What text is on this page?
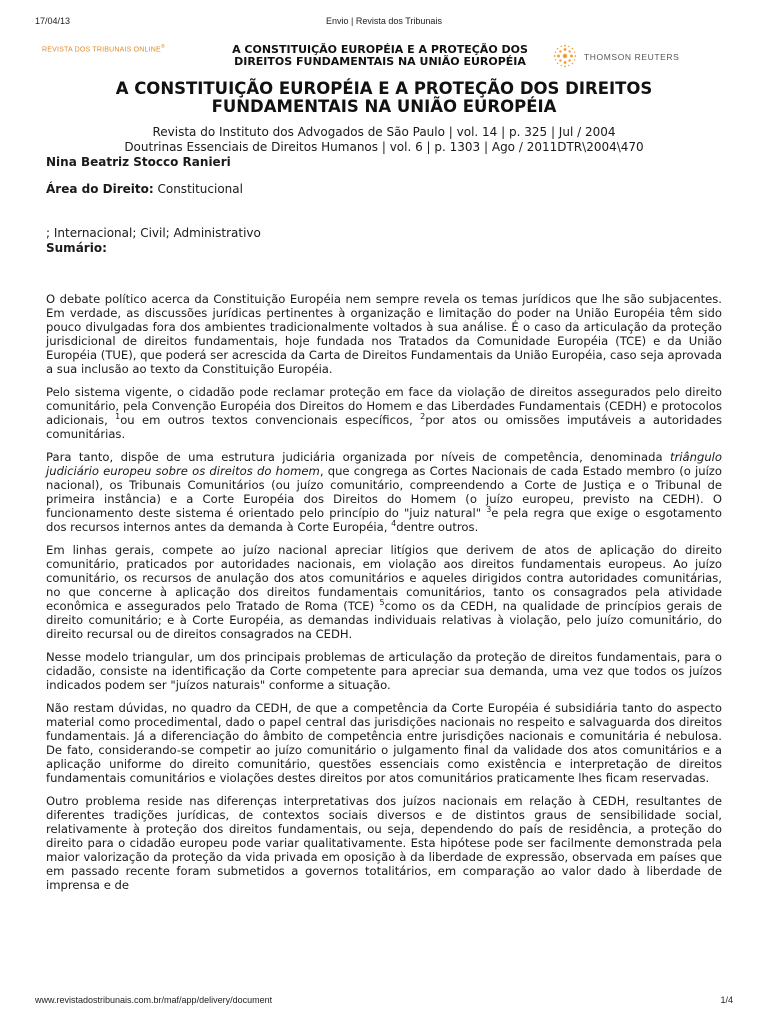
17/04/13	Envio | Revista dos Tribunais
REVISTA DOS TRIBUNAIS ONLINE®	A CONSTITUIÇÃO EUROPÉIA E A PROTEÇÃO DOS
DIREITOS FUNDAMENTAIS NA UNIÃO EUROPÉIA	THOMSON REUTERS
A CONSTITUIÇÃO EUROPÉIA E A PROTEÇÃO DOS DIREITOS
FUNDAMENTAIS NA UNIÃO EUROPÉIA
Revista do Instituto dos Advogados de São Paulo | vol. 14 | p. 325 | Jul / 2004
Doutrinas Essenciais de Direitos Humanos | vol. 6 | p. 1303 | Ago / 2011DTR\2004\470
Nina Beatriz Stocco Ranieri
Área do Direito: Constitucional
; Internacional; Civil; Administrativo
Sumário:

O debate político acerca da Constituição Européia nem sempre revela os temas jurídicos que lhe são subjacentes. Em verdade, as discussões jurídicas pertinentes à organização e limitação do poder na União Européia têm sido pouco divulgadas fora dos ambientes tradicionalmente voltados à sua análise. É o caso da articulação da proteção jurisdicional de direitos fundamentais, hoje fundada nos Tratados da Comunidade Européia (TCE) e da União Européia (TUE), que poderá ser acrescida da Carta de Direitos Fundamentais da União Européia, caso seja aprovada a sua inclusão ao texto da Constituição Européia.

Pelo sistema vigente, o cidadão pode reclamar proteção em face da violação de direitos assegurados pelo direito comunitário, pela Convenção Européia dos Direitos do Homem e das Liberdades Fundamentais (CEDH) e protocolos adicionais, $^1$ou em outros textos convencionais específicos, $^2$por atos ou omissões imputáveis a autoridades comunitárias.

Para tanto, dispõe de uma estrutura judiciária organizada por níveis de competência, denominada triângulo judiciário europeu sobre os direitos do homem, que congrega as Cortes Nacionais de cada Estado membro (o juízo nacional), os Tribunais Comunitários (ou juízo comunitário, compreendendo a Corte de Justiça e o Tribunal de primeira instância) e a Corte Européia dos Direitos do Homem (o juízo europeu, previsto na CEDH). O funcionamento deste sistema é orientado pelo princípio do "juiz natural" $^3$e pela regra que exige o esgotamento dos recursos internos antes da demanda à Corte Européia, $^4$dentre outros.

Em linhas gerais, compete ao juízo nacional apreciar litígios que derivem de atos de aplicação do direito comunitário, praticados por autoridades nacionais, em violação aos direitos fundamentais europeus. Ao juízo comunitário, os recursos de anulação dos atos comunitários e aqueles dirigidos contra autoridades comunitárias, no que concerne à aplicação dos direitos fundamentais comunitários, tanto os consagrados pela atividade econômica e assegurados pelo Tratado de Roma (TCE) $^5$como os da CEDH, na qualidade de princípios gerais de direito comunitário; e à Corte Européia, as demandas individuais relativas à violação, pelo juízo comunitário, do direito recursal ou de direitos consagrados na CEDH.

Nesse modelo triangular, um dos principais problemas de articulação da proteção de direitos fundamentais, para o cidadão, consiste na identificação da Corte competente para apreciar sua demanda, uma vez que todos os juízos indicados podem ser "juízos naturais" conforme a situação.

Não restam dúvidas, no quadro da CEDH, de que a competência da Corte Européia é subsidiária tanto do aspecto material como procedimental, dado o papel central das jurisdições nacionais no respeito e salvaguarda dos direitos fundamentais. Já a diferenciação do âmbito de competência entre jurisdições nacionais e comunitária é nebulosa. De fato, considerando-se competir ao juízo comunitário o julgamento final da validade dos atos comunitários e a aplicação uniforme do direito comunitário, questões essenciais como existência e interpretação de direitos fundamentais comunitários e violações destes direitos por atos comunitários praticamente lhes ficam reservadas.

Outro problema reside nas diferenças interpretativas dos juízos nacionais em relação à CEDH, resultantes de diferentes tradições jurídicas, de contextos sociais diversos e de distintos graus de sensibilidade social, relativamente à proteção dos direitos fundamentais, ou seja, dependendo do país de residência, a proteção do direito para o cidadão europeu pode variar qualitativamente. Esta hipótese pode ser facilmente demonstrada pela maior valorização da proteção da vida privada em oposição à da liberdade de expressão, observada em países que em passado recente foram submetidos a governos totalitários, em comparação ao valor dado à liberdade de imprensa e de

www.revistadostribunais.com.br/maf/app/delivery/document	1/4
